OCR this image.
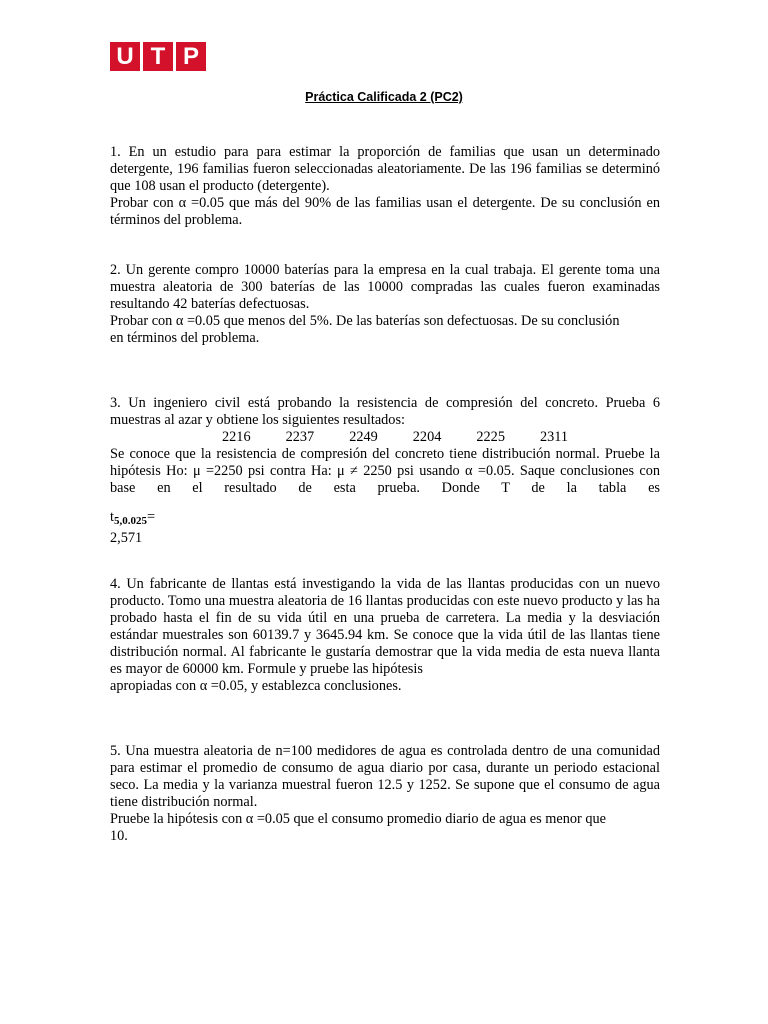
U T P
Práctica Calificada 2 (PC2)

1. En un estudio para para estimar la proporción de familias que usan un determinado detergente, 196 familias fueron seleccionadas aleatoriamente. De las 196 familias se determinó que 108 usan el producto (detergente).

Probar con α =0.05 que más del 90% de las familias usan el detergente. De su conclusión en términos del problema.

2. Un gerente compro 10000 baterías para la empresa en la cual trabaja. El gerente toma una muestra aleatoria de 300 baterías de las 10000 compradas las cuales fueron examinadas resultando 42 baterías defectuosas.

Probar con α =0.05 que menos del 5%. De las baterías son defectuosas. De su conclusión

en términos del problema.

3. Un ingeniero civil está probando la resistencia de compresión del concreto. Prueba 6 muestras al azar y obtiene los siguientes resultados:

2216 2237 2249 2204 2225 2311

Se conoce que la resistencia de compresión del concreto tiene distribución normal. Pruebe la hipótesis Ho: μ =2250 psi contra Ha: μ ≠ 2250 psi usando α =0.05. Saque conclusiones con base en el resultado de esta prueba. Donde T de la tabla es

$t_{5,0.025}=$

2,571

4. Un fabricante de llantas está investigando la vida de las llantas producidas con un nuevo producto. Tomo una muestra aleatoria de 16 llantas producidas con este nuevo producto y las ha probado hasta el fin de su vida útil en una prueba de carretera. La media y la desviación estándar muestrales son 60139.7 y 3645.94 km. Se conoce que la vida útil de las llantas tiene distribución normal. Al fabricante le gustaría demostrar que la vida media de esta nueva llanta es mayor de 60000 km. Formule y pruebe las hipótesis

apropiadas con α =0.05, y establezca conclusiones.

5. Una muestra aleatoria de n=100 medidores de agua es controlada dentro de una comunidad para estimar el promedio de consumo de agua diario por casa, durante un periodo estacional seco. La media y la varianza muestral fueron 12.5 y 1252. Se supone que el consumo de agua tiene distribución normal.

Pruebe la hipótesis con α =0.05 que el consumo promedio diario de agua es menor que

10.
